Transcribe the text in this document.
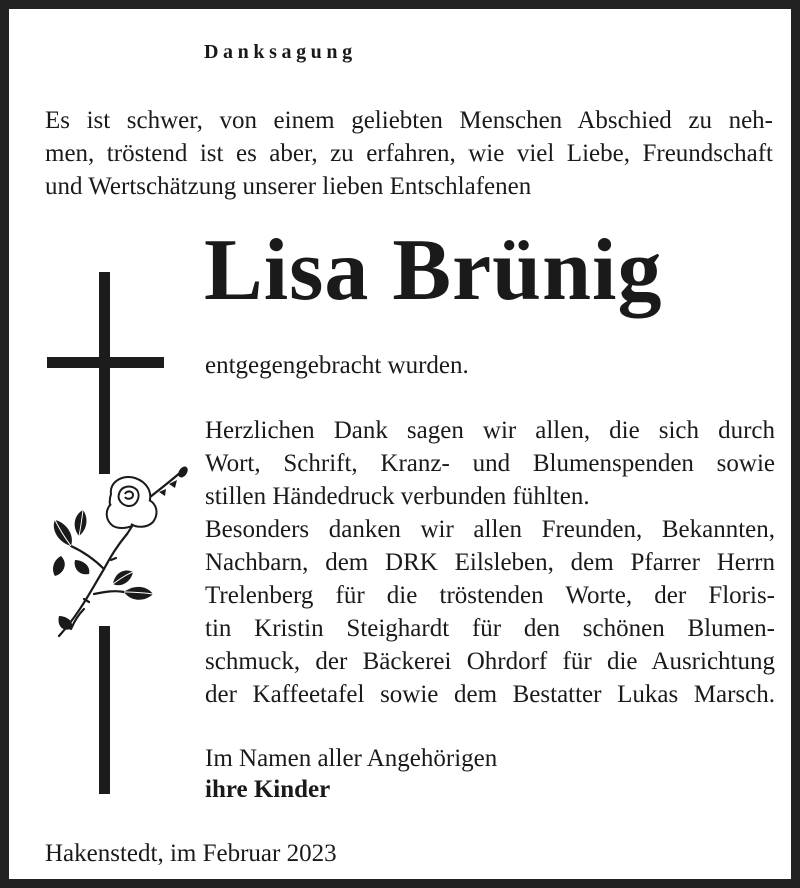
Danksagung
Es ist schwer, von einem geliebten Menschen Abschied zu neh-
men, tröstend ist es aber, zu erfahren, wie viel Liebe, Freundschaft
und Wertschätzung unserer lieben Entschlafenen
Lisa Brünig
entgegengebracht wurden.
Herzlichen Dank sagen wir allen, die sich durch
Wort, Schrift, Kranz- und Blumenspenden sowie
stillen Händedruck verbunden fühlten.
Besonders danken wir allen Freunden, Bekannten,
Nachbarn, dem DRK Eilsleben, dem Pfarrer Herrn
Trelenberg für die tröstenden Worte, der Floris-
tin Kristin Steighardt für den schönen Blumen-
schmuck, der Bäckerei Ohrdorf für die Ausrichtung
der Kaffeetafel sowie dem Bestatter Lukas Marsch.
Im Namen aller Angehörigen
ihre Kinder
Hakenstedt, im Februar 2023
